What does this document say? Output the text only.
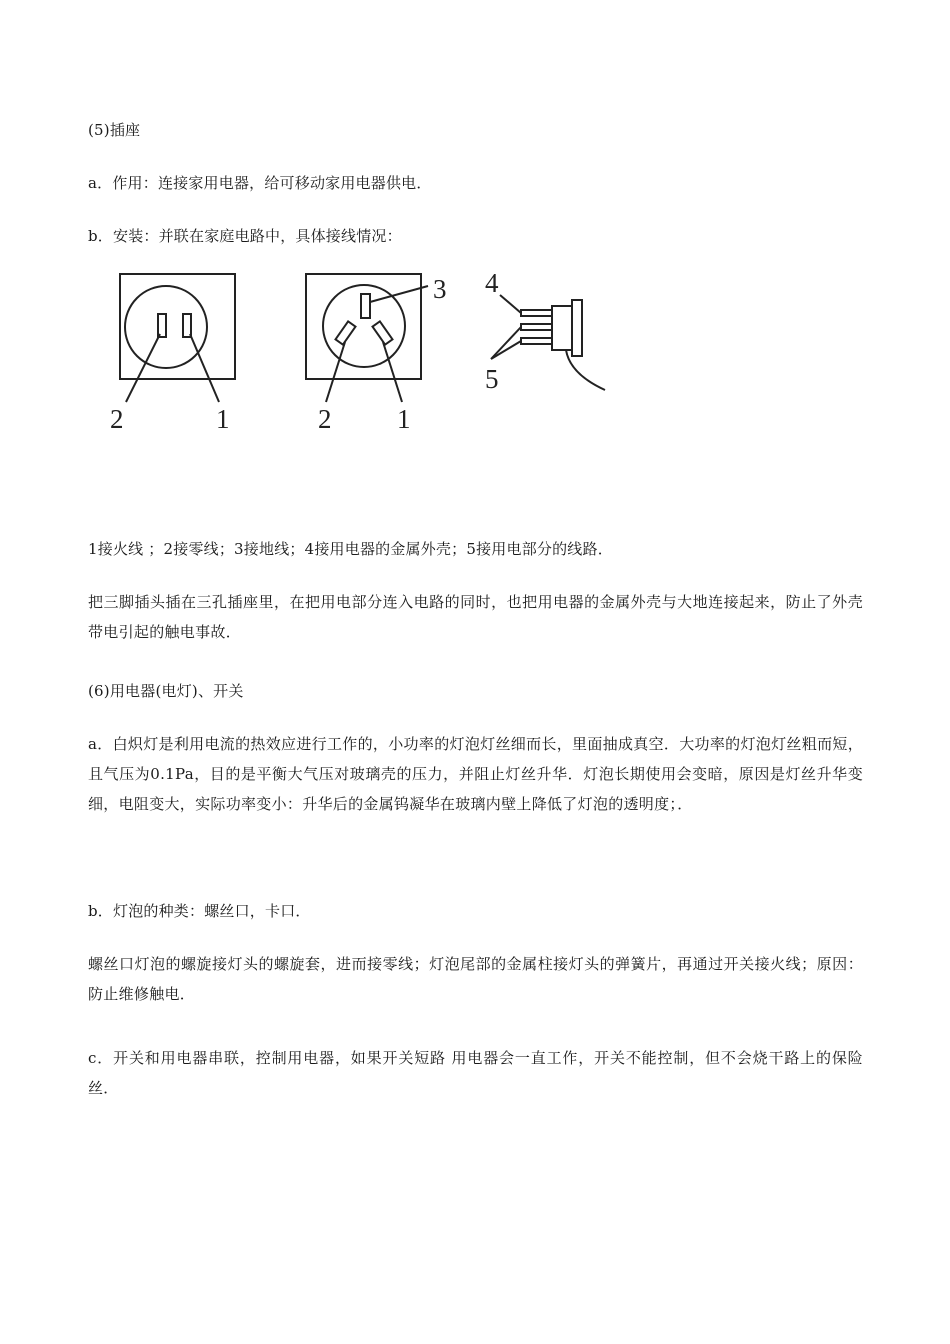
(5)插座
a．作用：连接家用电器，给可移动家用电器供电．
b．安装：并联在家庭电路中，具体接线情况：
2	1
3
2 1
4
5
1接火线 ；2接零线；3接地线；4接用电器的金属外壳；5接用电部分的线路．
把三脚插头插在三孔插座里，在把用电部分连入电路的同时，也把用电器的金属外壳与大地连接起来，防止了外壳带电引起的触电事故．
(6)用电器(电灯)、开关
a．白炽灯是利用电流的热效应进行工作的，小功率的灯泡灯丝细而长，里面抽成真空．大功率的灯泡灯丝粗而短，且气压为0.1Pa，目的是平衡大气压对玻璃壳的压力，并阻止灯丝升华．灯泡长期使用会变暗，原因是灯丝升华变细，电阻变大，实际功率变小：升华后的金属钨凝华在玻璃内壁上降低了灯泡的透明度；．
b．灯泡的种类：螺丝口，卡口．
螺丝口灯泡的螺旋接灯头的螺旋套，进而接零线；灯泡尾部的金属柱接灯头的弹簧片，再通过开关接火线；原因：防止维修触电．
c．开关和用电器串联，控制用电器，如果开关短路 用电器会一直工作，开关不能控制，但不会烧干路上的保险丝．
